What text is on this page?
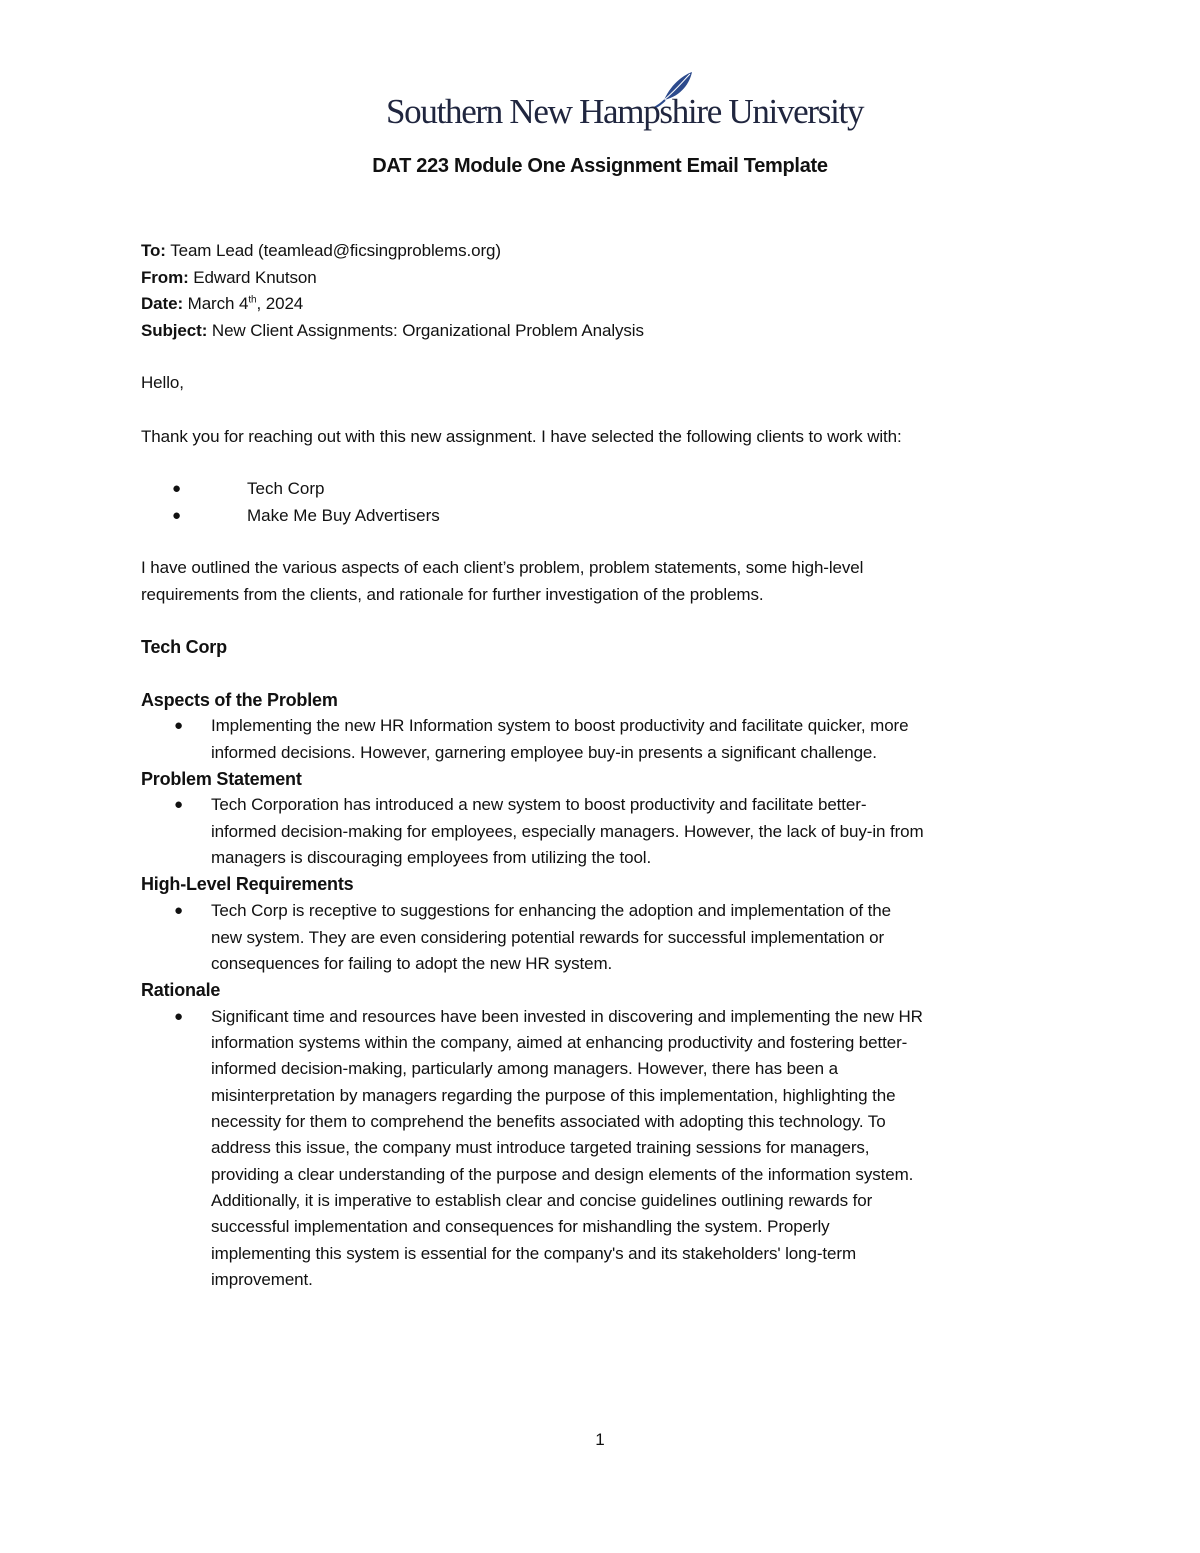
Southern New Hampshire University
DAT 223 Module One Assignment Email Template
To: Team Lead (teamlead@ficsingproblems.org)
From: Edward Knutson
Date: March 4th, 2024
Subject: New Client Assignments: Organizational Problem Analysis
Hello,
Thank you for reaching out with this new assignment. I have selected the following clients to work with:
●	Tech Corp
●	Make Me Buy Advertisers
I have outlined the various aspects of each client’s problem, problem statements, some high-level
requirements from the clients, and rationale for further investigation of the problems.
Tech Corp
Aspects of the Problem
● Implementing the new HR Information system to boost productivity and facilitate quicker, more
informed decisions. However, garnering employee buy-in presents a significant challenge.
Problem Statement
● Tech Corporation has introduced a new system to boost productivity and facilitate better-
informed decision-making for employees, especially managers. However, the lack of buy-in from
managers is discouraging employees from utilizing the tool.
High-Level Requirements
● Tech Corp is receptive to suggestions for enhancing the adoption and implementation of the
new system. They are even considering potential rewards for successful implementation or
consequences for failing to adopt the new HR system.
Rationale
● Significant time and resources have been invested in discovering and implementing the new HR
information systems within the company, aimed at enhancing productivity and fostering better-
informed decision-making, particularly among managers. However, there has been a
misinterpretation by managers regarding the purpose of this implementation, highlighting the
necessity for them to comprehend the benefits associated with adopting this technology. To
address this issue, the company must introduce targeted training sessions for managers,
providing a clear understanding of the purpose and design elements of the information system.
Additionally, it is imperative to establish clear and concise guidelines outlining rewards for
successful implementation and consequences for mishandling the system. Properly
implementing this system is essential for the company's and its stakeholders' long-term
improvement.
1
